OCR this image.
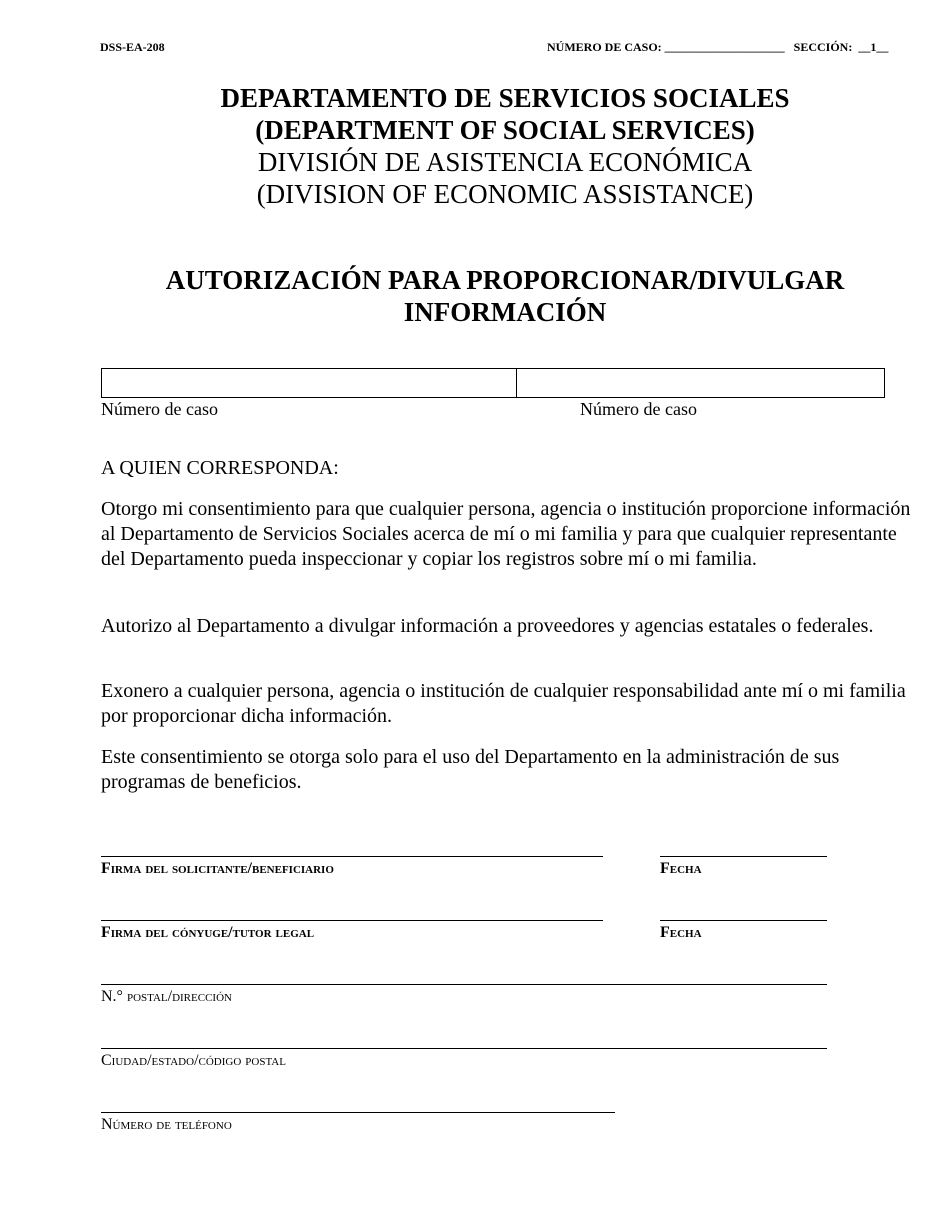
DSS-EA-208	NÚMERO DE CASO: ____________________ SECCIÓN: __1__
DEPARTAMENTO DE SERVICIOS SOCIALES
(DEPARTMENT OF SOCIAL SERVICES)
DIVISIÓN DE ASISTENCIA ECONÓMICA
(DIVISION OF ECONOMIC ASSISTANCE)
AUTORIZACIÓN PARA PROPORCIONAR/DIVULGAR
INFORMACIÓN
Número de caso	Número de caso
A QUIEN CORRESPONDA:

Otorgo mi consentimiento para que cualquier persona, agencia o institución proporcione información al Departamento de Servicios Sociales acerca de mí o mi familia y para que cualquier representante del Departamento pueda inspeccionar y copiar los registros sobre mí o mi familia.

Autorizo al Departamento a divulgar información a proveedores y agencias estatales o federales.

Exonero a cualquier persona, agencia o institución de cualquier responsabilidad ante mí o mi familia por proporcionar dicha información.

Este consentimiento se otorga solo para el uso del Departamento en la administración de sus programas de beneficios.

Firma del solicitante/beneficiario	Fecha
Firma del cónyuge/tutor legal	Fecha
N.° postal/dirección
Ciudad/estado/código postal
Número de teléfono
